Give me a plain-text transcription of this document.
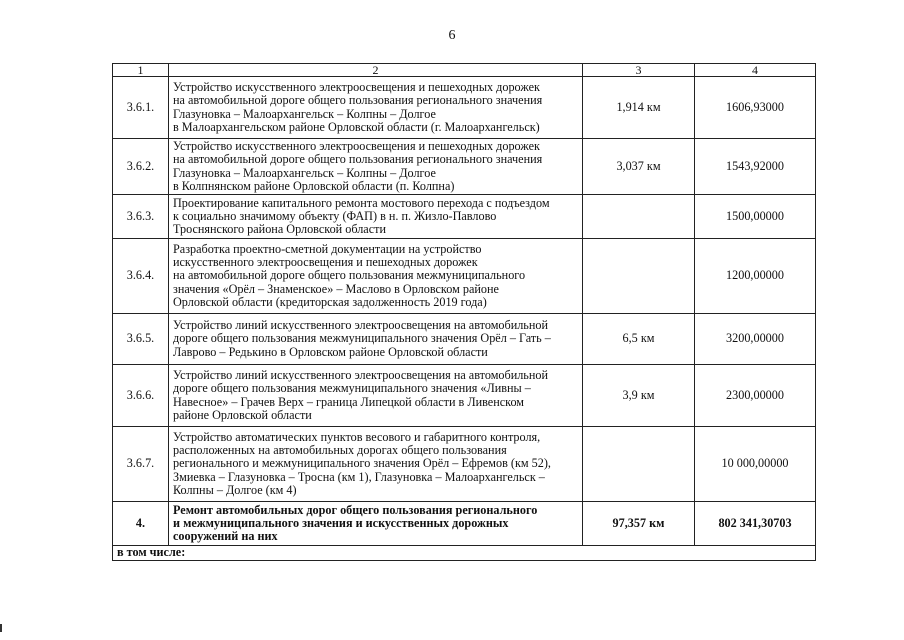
6
1	2	3	4
3.6.1.	Устройство искусственного электроосвещения и пешеходных дорожек
на автомобильной дороге общего пользования регионального значения
Глазуновка – Малоархангельск – Колпны – Долгое
в Малоархангельском районе Орловской области (г. Малоархангельск)	1,914 км	1606,93000
3.6.2.	Устройство искусственного электроосвещения и пешеходных дорожек
на автомобильной дороге общего пользования регионального значения
Глазуновка – Малоархангельск – Колпны – Долгое
в Колпнянском районе Орловской области (п. Колпна)	3,037 км	1543,92000
3.6.3.	Проектирование капитального ремонта мостового перехода с подъездом
к социально значимому объекту (ФАП) в н. п. Жизло-Павлово
Троснянского района Орловской области		1500,00000
3.6.4.	Разработка проектно-сметной документации на устройство
искусственного электроосвещения и пешеходных дорожек
на автомобильной дороге общего пользования межмуниципального
значения «Орёл – Знаменское» – Маслово в Орловском районе
Орловской области (кредиторская задолженность 2019 года)		1200,00000
3.6.5.	Устройство линий искусственного электроосвещения на автомобильной
дороге общего пользования межмуниципального значения Орёл – Гать –
Лаврово – Редькино в Орловском районе Орловской области	6,5 км	3200,00000
3.6.6.	Устройство линий искусственного электроосвещения на автомобильной
дороге общего пользования межмуниципального значения «Ливны –
Навесное» – Грачев Верх – граница Липецкой области в Ливенском
районе Орловской области	3,9 км	2300,00000
3.6.7.	Устройство автоматических пунктов весового и габаритного контроля,
расположенных на автомобильных дорогах общего пользования
регионального и межмуниципального значения Орёл – Ефремов (км 52),
Змиевка – Глазуновка – Тросна (км 1), Глазуновка – Малоархангельск –
Колпны – Долгое (км 4)		10 000,00000
4.	Ремонт автомобильных дорог общего пользования регионального
и межмуниципального значения и искусственных дорожных
сооружений на них	97,357 км	802 341,30703
в том числе:			
